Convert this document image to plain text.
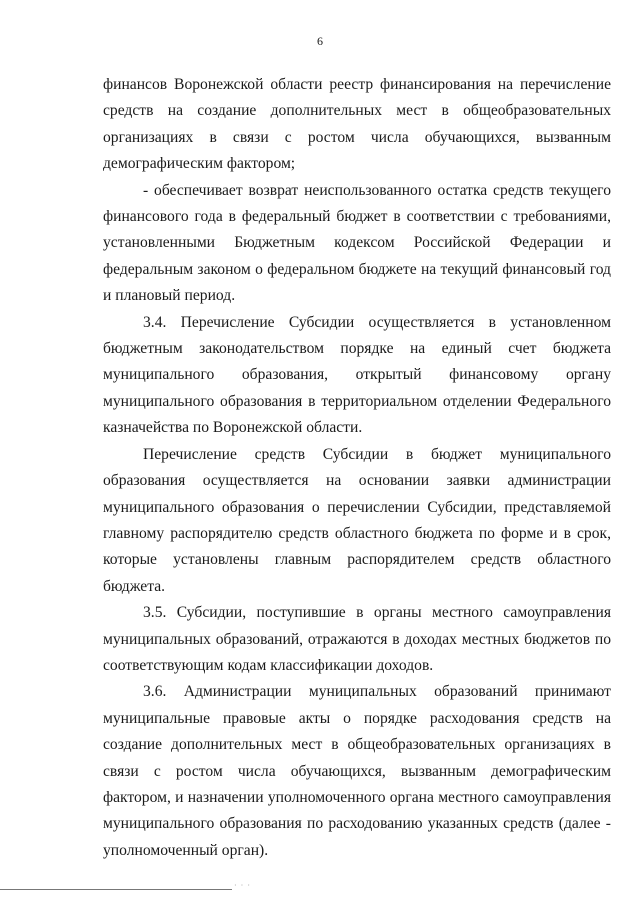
6

финансов Воронежской области реестр финансирования на перечисление средств на создание дополнительных мест в общеобразовательных организациях в связи с ростом числа обучающихся, вызванным демографическим фактором;

- обеспечивает возврат неиспользованного остатка средств текущего финансового года в федеральный бюджет в соответствии с требованиями, установленными Бюджетным кодексом Российской Федерации и федеральным законом о федеральном бюджете на текущий финансовый год и плановый период.

3.4. Перечисление Субсидии осуществляется в установленном бюджетным законодательством порядке на единый счет бюджета муниципального образования, открытый финансовому органу муниципального образования в территориальном отделении Федерального казначейства по Воронежской области.

Перечисление средств Субсидии в бюджет муниципального образования осуществляется на основании заявки администрации муниципального образования о перечислении Субсидии, представляемой главному распорядителю средств областного бюджета по форме и в срок, которые установлены главным распорядителем средств областного бюджета.

3.5. Субсидии, поступившие в органы местного самоуправления муниципальных образований, отражаются в доходах местных бюджетов по соответствующим кодам классификации доходов.

3.6. Администрации муниципальных образований принимают муниципальные правовые акты о порядке расходования средств на создание дополнительных мест в общеобразовательных организациях в связи с ростом числа обучающихся, вызванным демографическим фактором, и назначении уполномоченного органа местного самоуправления муниципального образования по расходованию указанных средств (далее - уполномоченный орган).

· · ·
